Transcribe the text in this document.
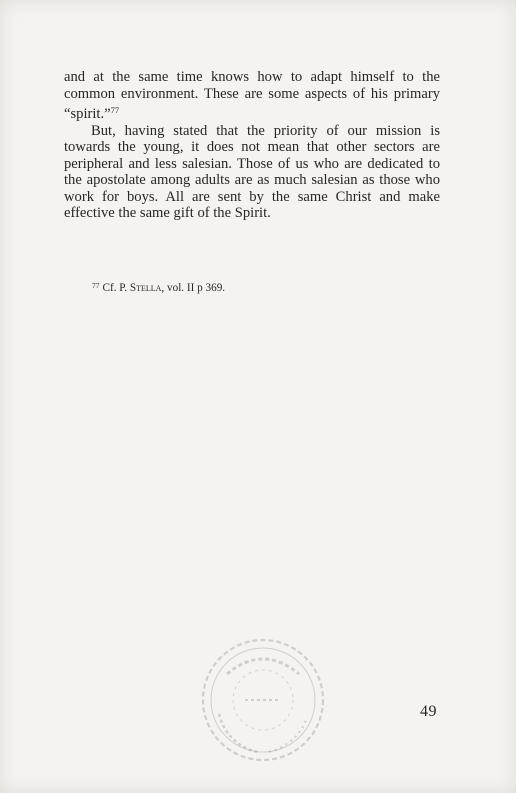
and at the same time knows how to adapt himself to the common environment. These are some aspects of his primary “spirit.”$^{77}$

But, having stated that the priority of our mission is towards the young, it does not mean that other sectors are peripheral and less salesian. Those of us who are dedicated to the apostolate among adults are as much salesian as those who work for boys. All are sent by the same Christ and make effective the same gift of the Spirit.

$^{77}$ Cf. P. Stella, vol. II p 369.
49
